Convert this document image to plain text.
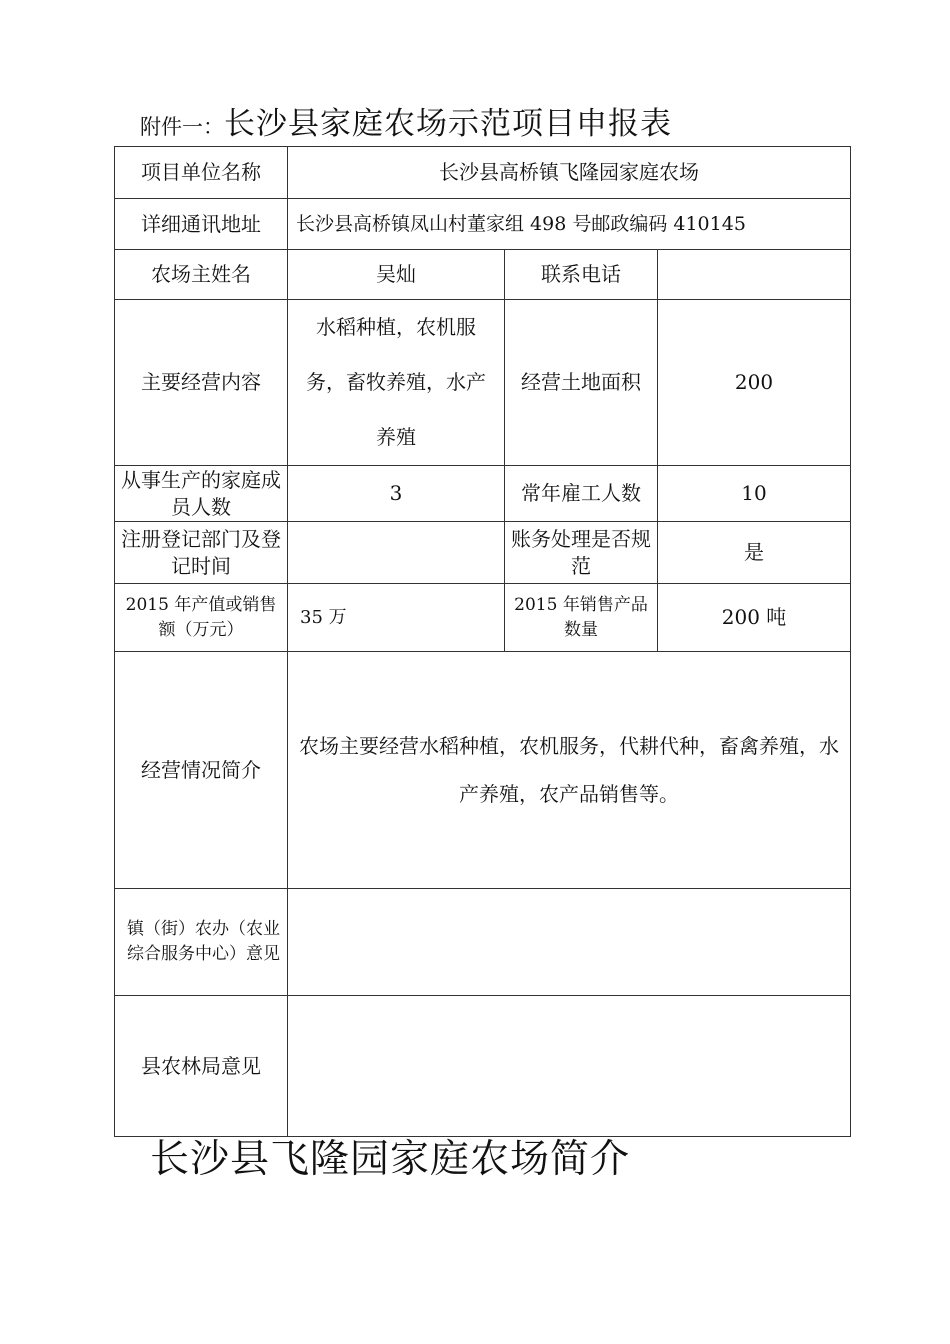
附件一：长沙县家庭农场示范项目申报表
项目单位名称	长沙县高桥镇飞隆园家庭农场		
详细通讯地址	长沙县高桥镇凤山村董家组 498 号邮政编码 410145		
农场主姓名	吴灿	联系电话	
主要经营内容	水稻种植，农机服务，畜牧养殖，水产养殖	经营土地面积	200
从事生产的家庭成员人数	3	常年雇工人数	10
注册登记部门及登记时间		账务处理是否规范	是
2015 年产值或销售额（万元）	35 万	2015 年销售产品数量	200 吨
经营情况简介	农场主要经营水稻种植，农机服务，代耕代种，畜禽养殖，水产养殖，农产品销售等。		
镇（街）农办（农业综合服务中心）意见			
县农林局意见			
长沙县飞隆园家庭农场简介
